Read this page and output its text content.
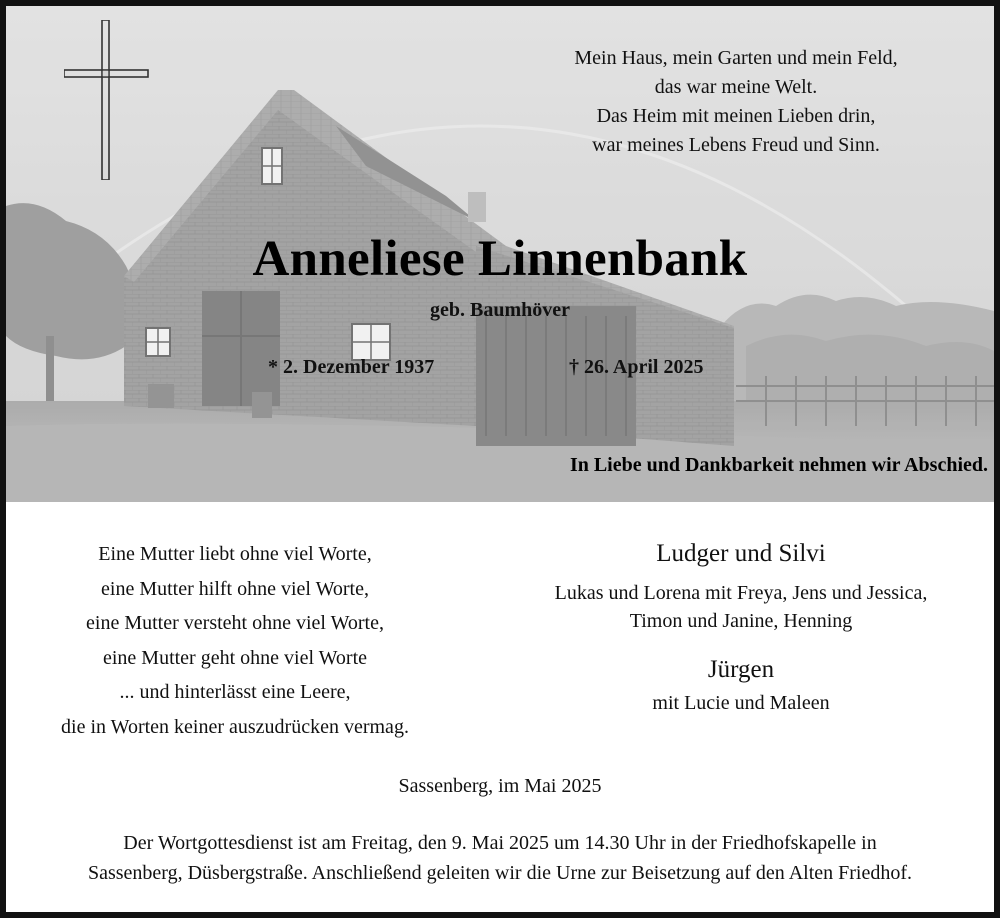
Mein Haus, mein Garten und mein Feld,
das war meine Welt.
Das Heim mit meinen Lieben drin,
war meines Lebens Freud und Sinn.
Anneliese Linnenbank
geb. Baumhöver
* 2. Dezember 1937	† 26. April 2025
In Liebe und Dankbarkeit nehmen wir Abschied.
Eine Mutter liebt ohne viel Worte,
eine Mutter hilft ohne viel Worte,
eine Mutter versteht ohne viel Worte,
eine Mutter geht ohne viel Worte
... und hinterlässt eine Leere,
die in Worten keiner auszudrücken vermag.
Ludger und Silvi
Lukas und Lorena mit Freya, Jens und Jessica,
Timon und Janine, Henning
Jürgen
mit Lucie und Maleen
Sassenberg, im Mai 2025
Der Wortgottesdienst ist am Freitag, den 9. Mai 2025 um 14.30 Uhr in der Friedhofskapelle in
Sassenberg, Düsbergstraße. Anschließend geleiten wir die Urne zur Beisetzung auf den Alten Friedhof.
